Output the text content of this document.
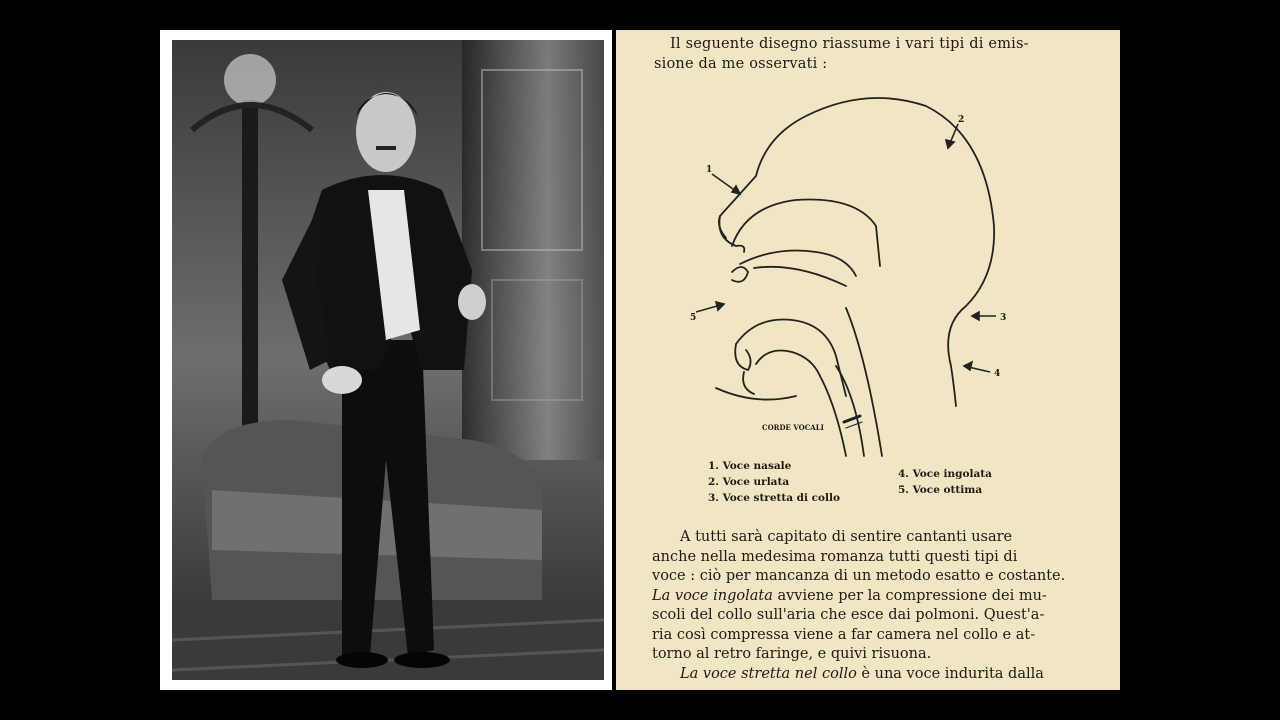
Il seguente disegno riassume i vari tipi di emis-
sione da me osservati :
1
2
3
4
5
CORDE VOCALI
1. Voce nasale
2. Voce urlata
3. Voce stretta di collo
4. Voce ingolata
5. Voce ottima
A tutti sarà capitato di sentire cantanti usare
anche nella medesima romanza tutti questi tipi di
voce : ciò per mancanza di un metodo esatto e costante.
La voce ingolata avviene per la compressione dei mu-
scoli del collo sull'aria che esce dai polmoni. Quest'a-
ria così compressa viene a far camera nel collo e at-
torno al retro faringe, e quivi risuona.
La voce stretta nel collo è una voce indurita dalla
